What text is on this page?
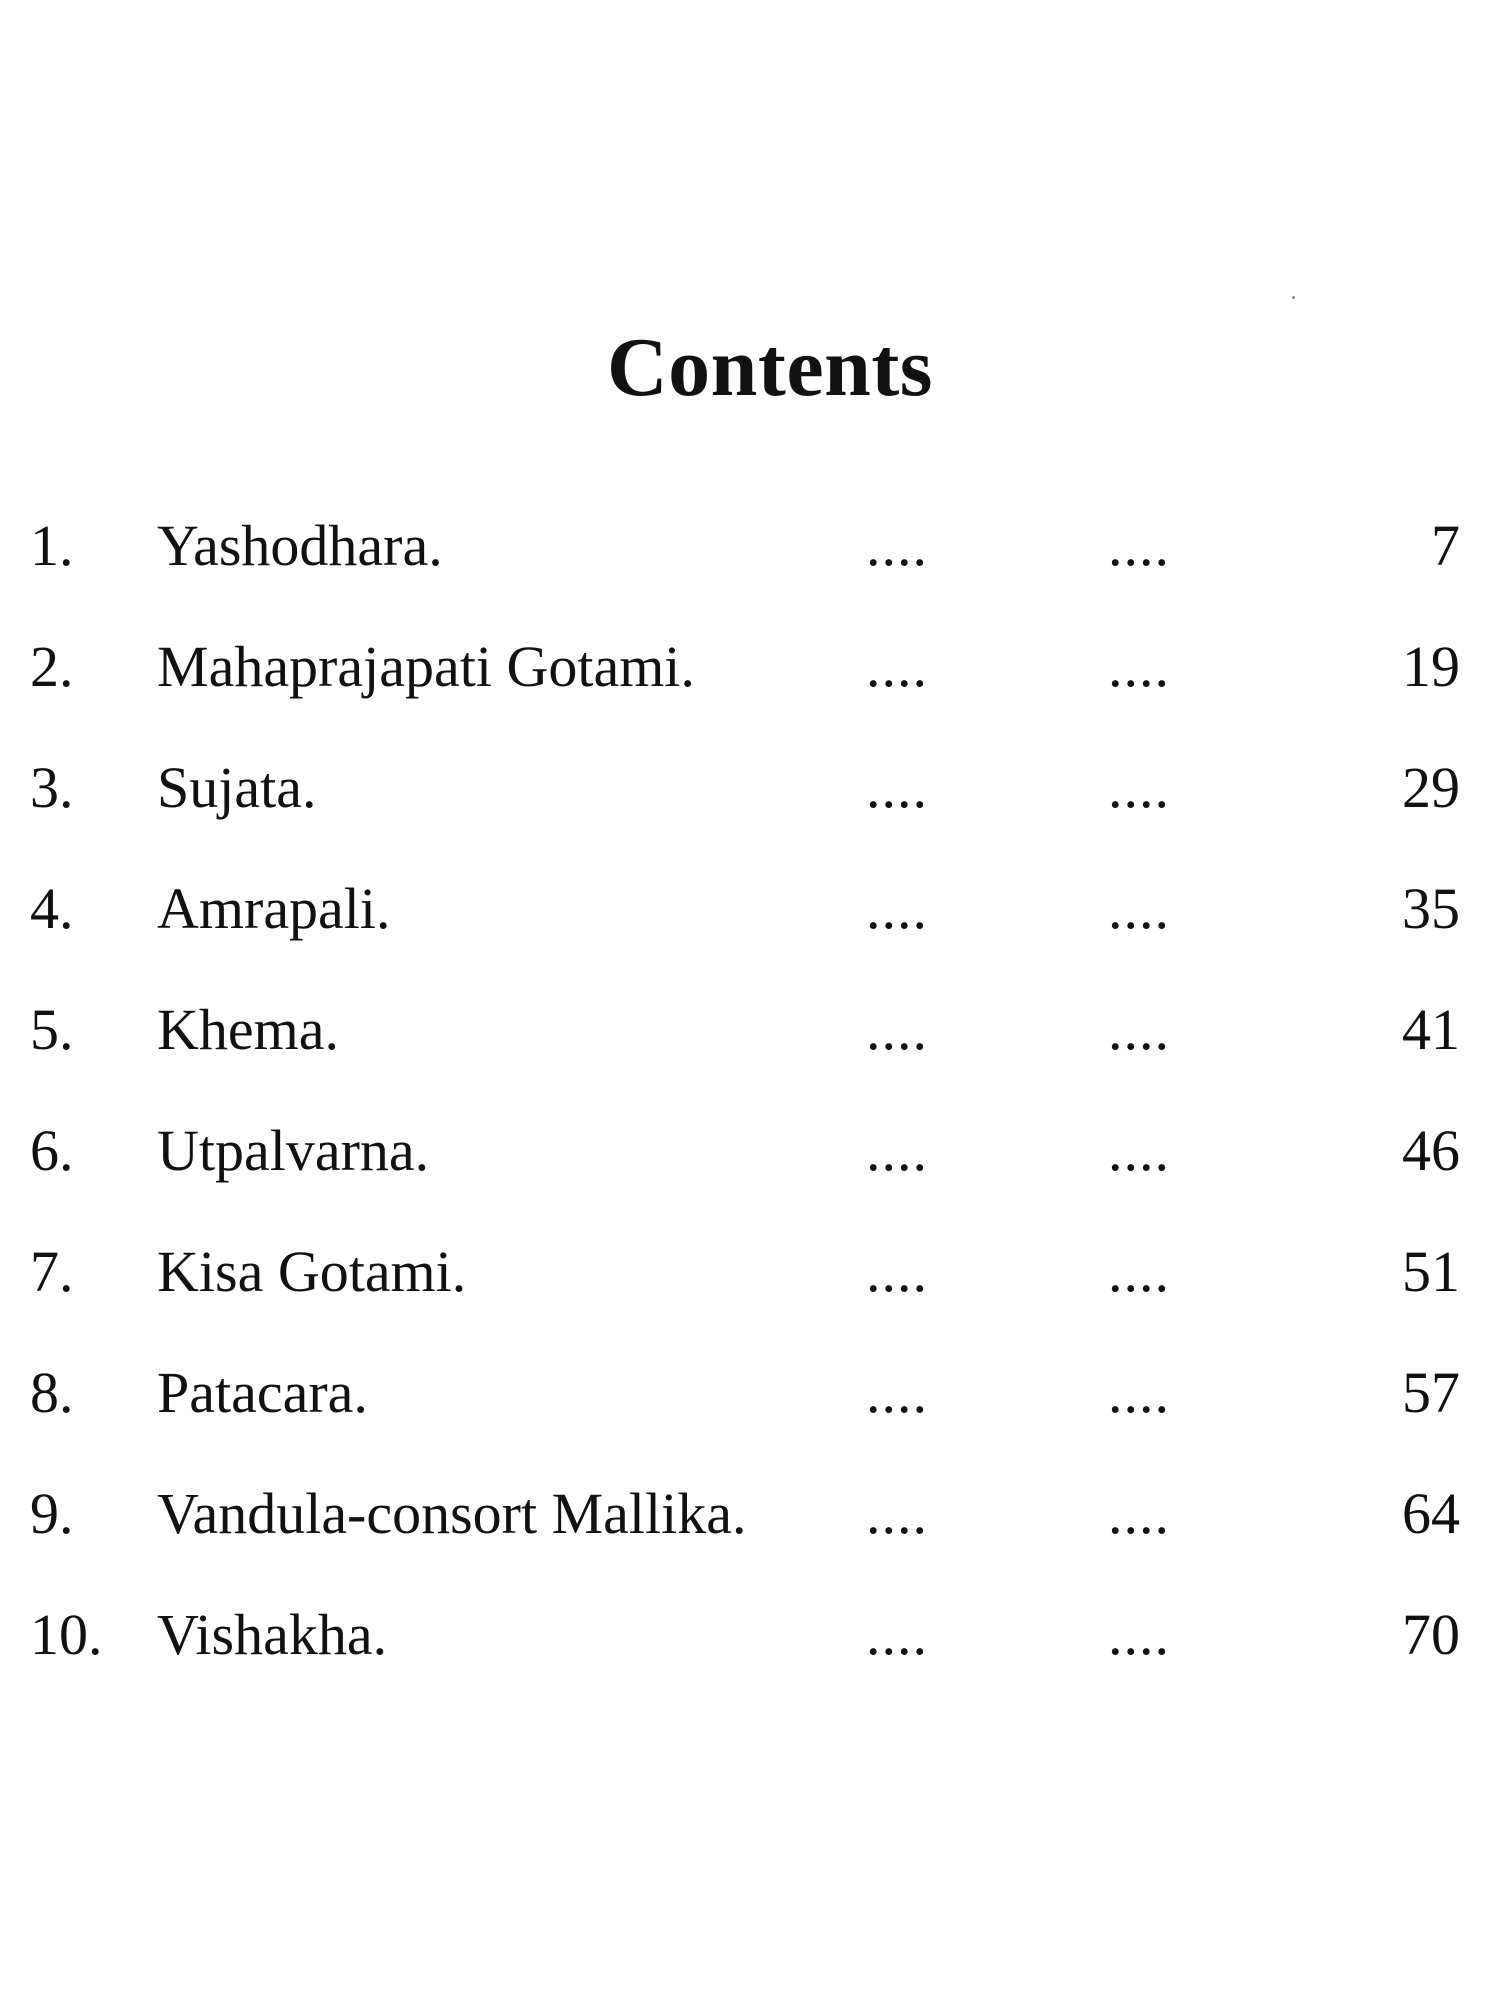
Contents
1.	Yashodhara.	....	....	7
2.	Mahaprajapati Gotami.	....	....	19
3.	Sujata.	....	....	29
4.	Amrapali.	....	....	35
5.	Khema.	....	....	41
6.	Utpalvarna.	....	....	46
7.	Kisa Gotami.	....	....	51
8.	Patacara.	....	....	57
9.	Vandula-consort Mallika. ....	....	64
10. Vishakha.	....	....	70
